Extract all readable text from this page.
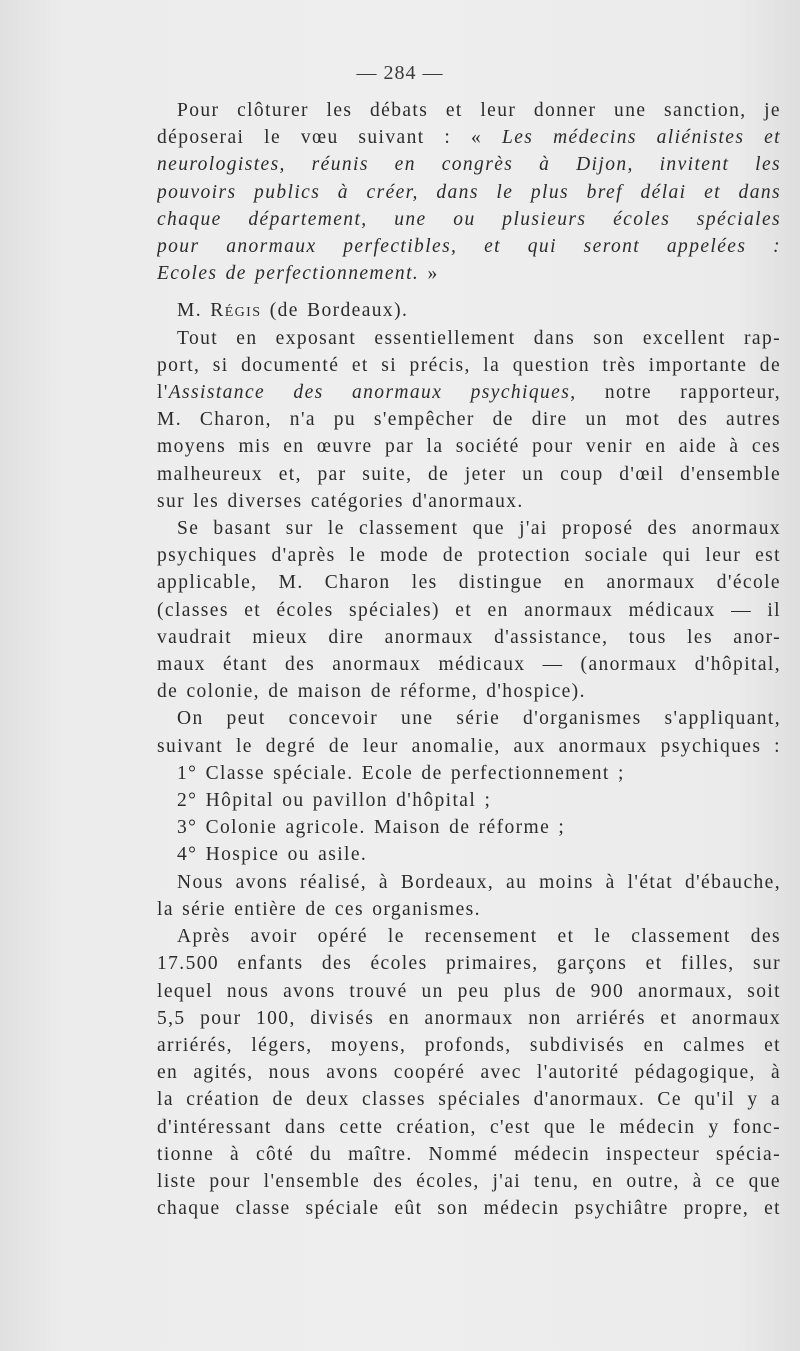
— 284 —
Pour clôturer les débats et leur donner une sanction, je
déposerai le vœu suivant : « Les médecins aliénistes et
neurologistes, réunis en congrès à Dijon, invitent les
pouvoirs publics à créer, dans le plus bref délai et dans
chaque département, une ou plusieurs écoles spéciales
pour anormaux perfectibles, et qui seront appelées :
Ecoles de perfectionnement. »
M. Régis (de Bordeaux).
Tout en exposant essentiellement dans son excellent rap-
port, si documenté et si précis, la question très importante de
l'Assistance des anormaux psychiques, notre rapporteur,
M. Charon, n'a pu s'empêcher de dire un mot des autres
moyens mis en œuvre par la société pour venir en aide à ces
malheureux et, par suite, de jeter un coup d'œil d'ensemble
sur les diverses catégories d'anormaux.
Se basant sur le classement que j'ai proposé des anormaux
psychiques d'après le mode de protection sociale qui leur est
applicable, M. Charon les distingue en anormaux d'école
(classes et écoles spéciales) et en anormaux médicaux — il
vaudrait mieux dire anormaux d'assistance, tous les anor-
maux étant des anormaux médicaux — (anormaux d'hôpital,
de colonie, de maison de réforme, d'hospice).
On peut concevoir une série d'organismes s'appliquant,
suivant le degré de leur anomalie, aux anormaux psychiques :
1° Classe spéciale. Ecole de perfectionnement ;
2° Hôpital ou pavillon d'hôpital ;
3° Colonie agricole. Maison de réforme ;
4° Hospice ou asile.
Nous avons réalisé, à Bordeaux, au moins à l'état d'ébauche,
la série entière de ces organismes.
Après avoir opéré le recensement et le classement des
17.500 enfants des écoles primaires, garçons et filles, sur
lequel nous avons trouvé un peu plus de 900 anormaux, soit
5,5 pour 100, divisés en anormaux non arriérés et anormaux
arriérés, légers, moyens, profonds, subdivisés en calmes et
en agités, nous avons coopéré avec l'autorité pédagogique, à
la création de deux classes spéciales d'anormaux. Ce qu'il y a
d'intéressant dans cette création, c'est que le médecin y fonc-
tionne à côté du maître. Nommé médecin inspecteur spécia-
liste pour l'ensemble des écoles, j'ai tenu, en outre, à ce que
chaque classe spéciale eût son médecin psychiâtre propre, et
